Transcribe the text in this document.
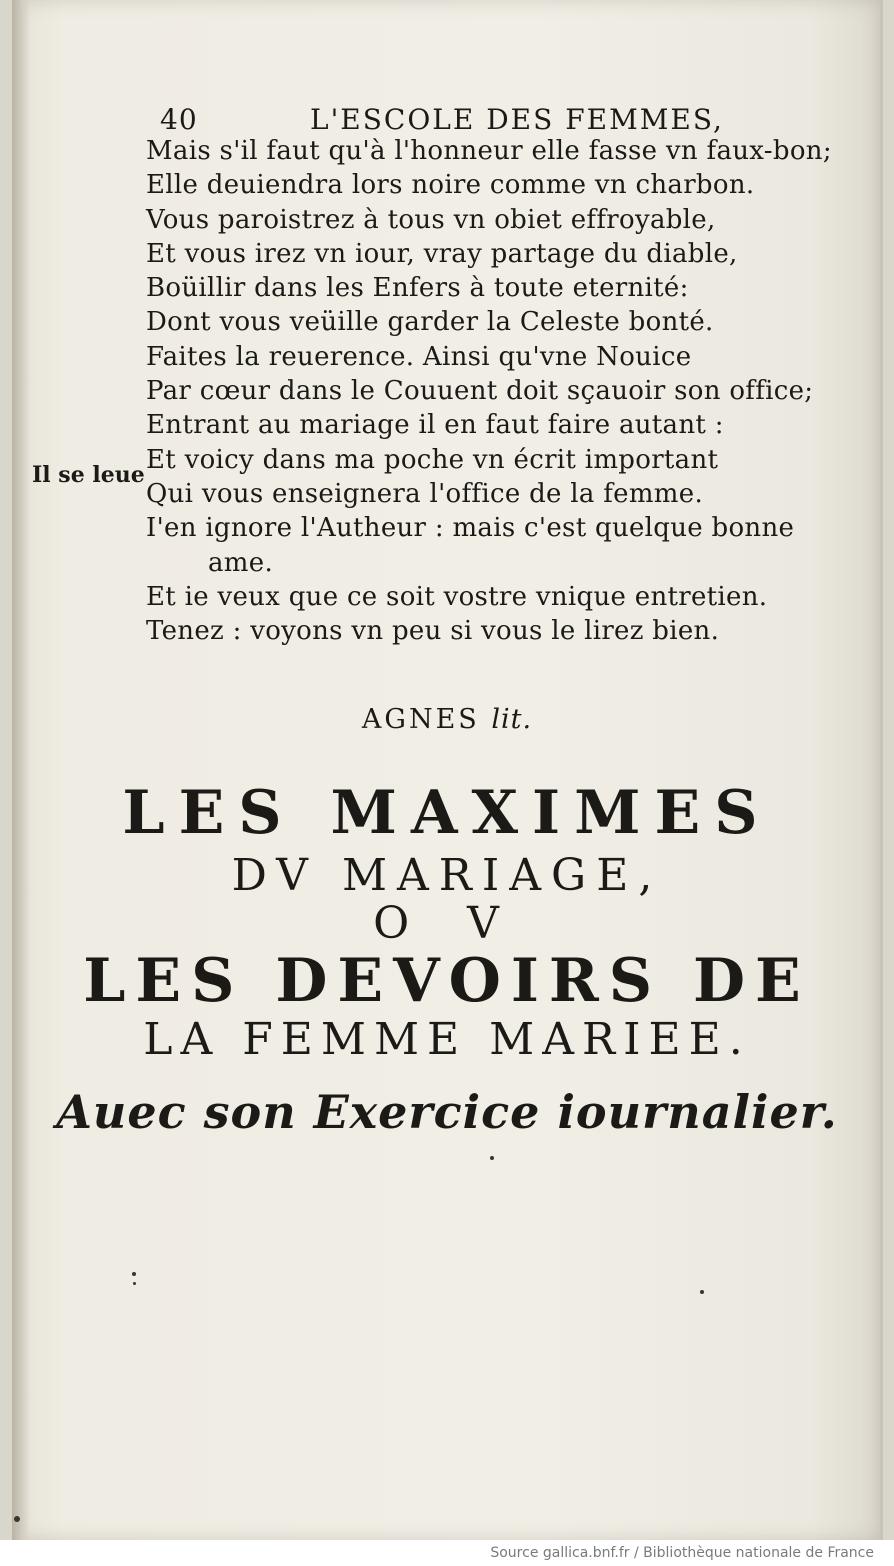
40	L'ESCOLE DES FEMMES,
Il se leue
Mais s'il faut qu'à l'honneur elle fasse vn faux-bon;
Elle deuiendra lors noire comme vn charbon.
Vous paroistrez à tous vn obiet effroyable,
Et vous irez vn iour, vray partage du diable,
Boüillir dans les Enfers à toute eternité:
Dont vous veüille garder la Celeste bonté.
Faites la reuerence. Ainsi qu'vne Nouice
Par cœur dans le Couuent doit sçauoir son office;
Entrant au mariage il en faut faire autant :
Et voicy dans ma poche vn écrit important
Qui vous enseignera l'office de la femme.
I'en ignore l'Autheur : mais c'est quelque bonne
ame.
Et ie veux que ce soit vostre vnique entretien.
Tenez : voyons vn peu si vous le lirez bien.
AGNES lit.
LES MAXIMES
DV MARIAGE,
O V
LES DEVOIRS DE
LA FEMME MARIEE.
Auec son Exercice iournalier.
Source gallica.bnf.fr / Bibliothèque nationale de France
